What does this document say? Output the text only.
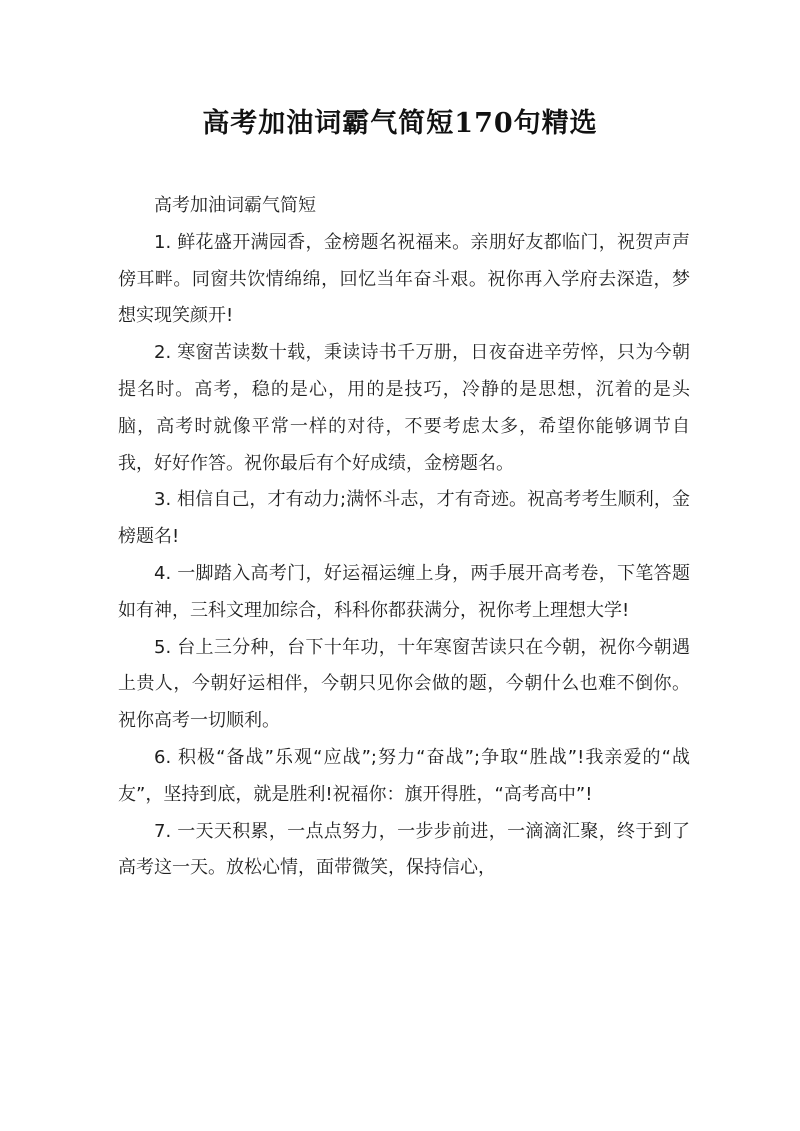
高考加油词霸气简短170句精选

高考加油词霸气简短

1. 鲜花盛开满园香，金榜题名祝福来。亲朋好友都临门，祝贺声声傍耳畔。同窗共饮情绵绵，回忆当年奋斗艰。祝你再入学府去深造，梦想实现笑颜开!

2. 寒窗苦读数十载，秉读诗书千万册，日夜奋进辛劳悴，只为今朝提名时。高考，稳的是心，用的是技巧，冷静的是思想，沉着的是头脑，高考时就像平常一样的对待，不要考虑太多，希望你能够调节自我，好好作答。祝你最后有个好成绩，金榜题名。

3. 相信自己，才有动力;满怀斗志，才有奇迹。祝高考考生顺利，金榜题名!

4. 一脚踏入高考门，好运福运缠上身，两手展开高考卷，下笔答题如有神，三科文理加综合，科科你都获满分，祝你考上理想大学!

5. 台上三分种，台下十年功，十年寒窗苦读只在今朝，祝你今朝遇上贵人，今朝好运相伴，今朝只见你会做的题，今朝什么也难不倒你。祝你高考一切顺利。

6. 积极“备战”乐观“应战”;努力“奋战”;争取“胜战”!我亲爱的“战友”，坚持到底，就是胜利!祝福你：旗开得胜，“高考高中”!

7. 一天天积累，一点点努力，一步步前进，一滴滴汇聚，终于到了高考这一天。放松心情，面带微笑，保持信心，
